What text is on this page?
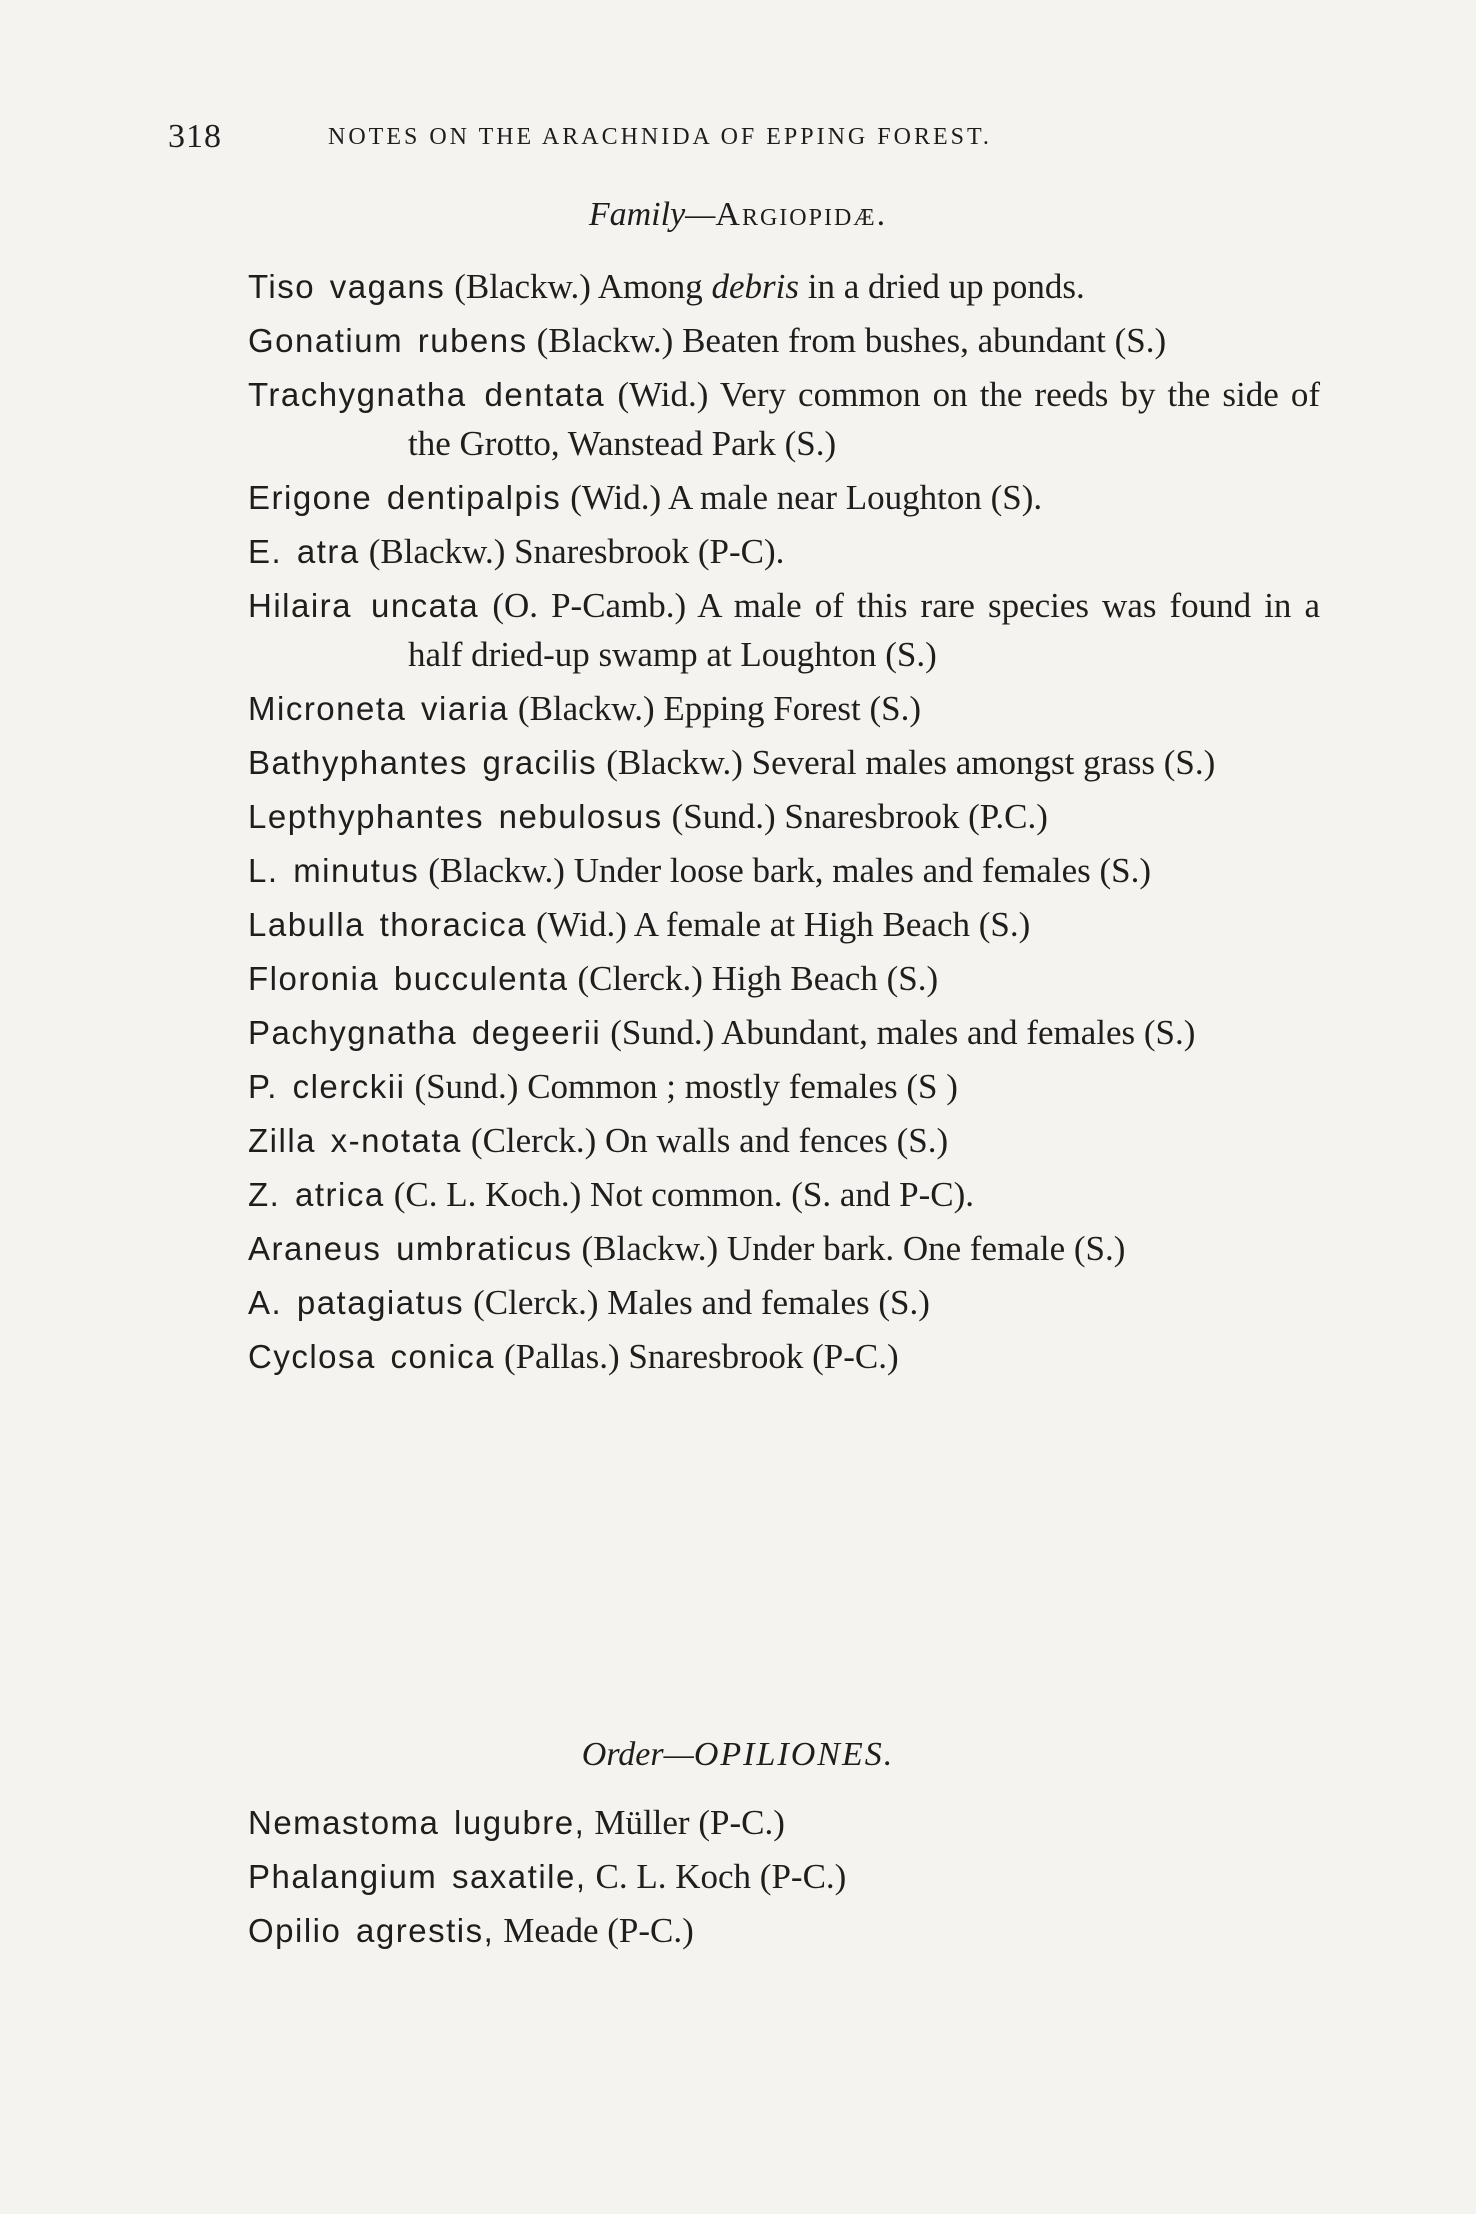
318	NOTES ON THE ARACHNIDA OF EPPING FOREST.
Family—Argiopidæ.

Tiso vagans (Blackw.) Among debris in a dried up ponds.

Gonatium rubens (Blackw.) Beaten from bushes, abundant (S.)

Trachygnatha dentata (Wid.) Very common on the reeds by the side of the Grotto, Wanstead Park (S.)

Erigone dentipalpis (Wid.) A male near Loughton (S).

E. atra (Blackw.) Snaresbrook (P-C).

Hilaira uncata (O. P-Camb.) A male of this rare species was found in a half dried-up swamp at Loughton (S.)

Microneta viaria (Blackw.) Epping Forest (S.)

Bathyphantes gracilis (Blackw.) Several males amongst grass (S.)

Lepthyphantes nebulosus (Sund.) Snaresbrook (P.C.)

L. minutus (Blackw.) Under loose bark, males and females (S.)

Labulla thoracica (Wid.) A female at High Beach (S.)

Floronia bucculenta (Clerck.) High Beach (S.)

Pachygnatha degeerii (Sund.) Abundant, males and females (S.)

P. clerckii (Sund.) Common ; mostly females (S )

Zilla x-notata (Clerck.) On walls and fences (S.)

Z. atrica (C. L. Koch.) Not common. (S. and P-C).

Araneus umbraticus (Blackw.) Under bark. One female (S.)

A. patagiatus (Clerck.) Males and females (S.)

Cyclosa conica (Pallas.) Snaresbrook (P-C.)

Order—OPILIONES.

Nemastoma lugubre, Müller (P-C.)

Phalangium saxatile, C. L. Koch (P-C.)

Opilio agrestis, Meade (P-C.)
